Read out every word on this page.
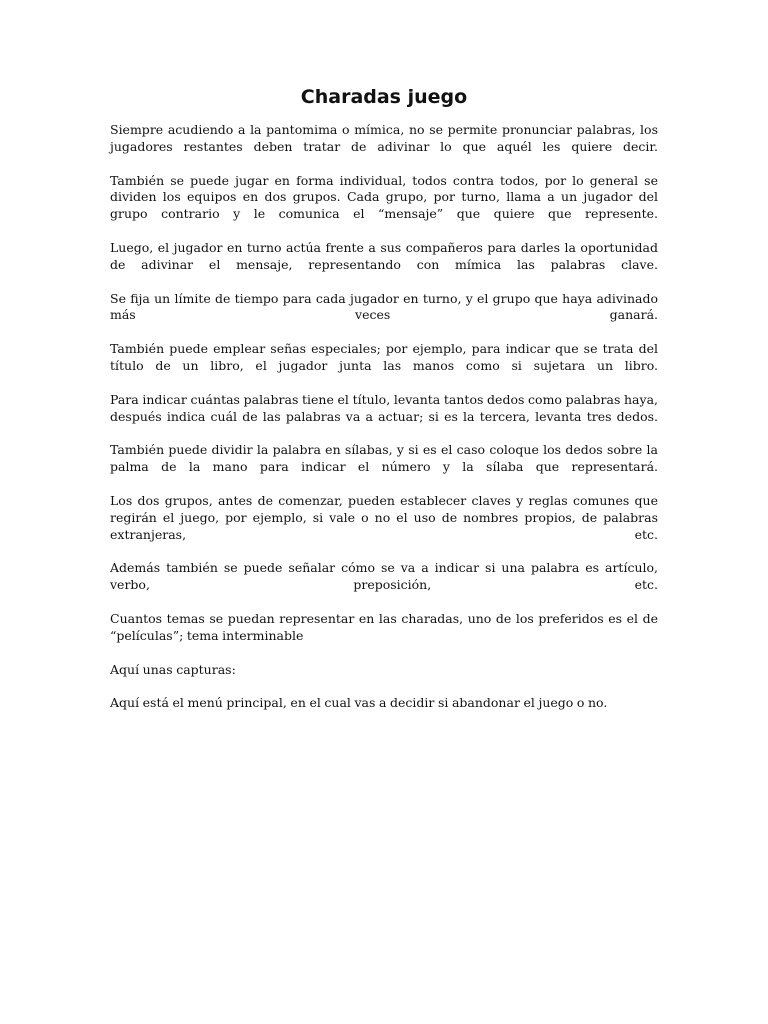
Charadas juego

Siempre acudiendo a la pantomima o mímica, no se permite pronunciar palabras, los jugadores restantes deben tratar de adivinar lo que aquél les quiere decir.

También se puede jugar en forma individual, todos contra todos, por lo general se dividen los equipos en dos grupos. Cada grupo, por turno, llama a un jugador del grupo contrario y le comunica el “mensaje” que quiere que represente.

Luego, el jugador en turno actúa frente a sus compañeros para darles la oportunidad de adivinar el mensaje, representando con mímica las palabras clave.

Se fija un límite de tiempo para cada jugador en turno, y el grupo que haya adivinado más veces ganará.

También puede emplear señas especiales; por ejemplo, para indicar que se trata del título de un libro, el jugador junta las manos como si sujetara un libro.

Para indicar cuántas palabras tiene el título, levanta tantos dedos como palabras haya, después indica cuál de las palabras va a actuar; si es la tercera, levanta tres dedos.

También puede dividir la palabra en sílabas, y si es el caso coloque los dedos sobre la palma de la mano para indicar el número y la sílaba que representará.

Los dos grupos, antes de comenzar, pueden establecer claves y reglas comunes que regirán el juego, por ejemplo, si vale o no el uso de nombres propios, de palabras extranjeras, etc.

Además también se puede señalar cómo se va a indicar si una palabra es artículo, verbo, preposición, etc.

Cuantos temas se puedan representar en las charadas, uno de los preferidos es el de “películas”; tema interminable

Aquí unas capturas:

Aquí está el menú principal, en el cual vas a decidir si abandonar el juego o no.
